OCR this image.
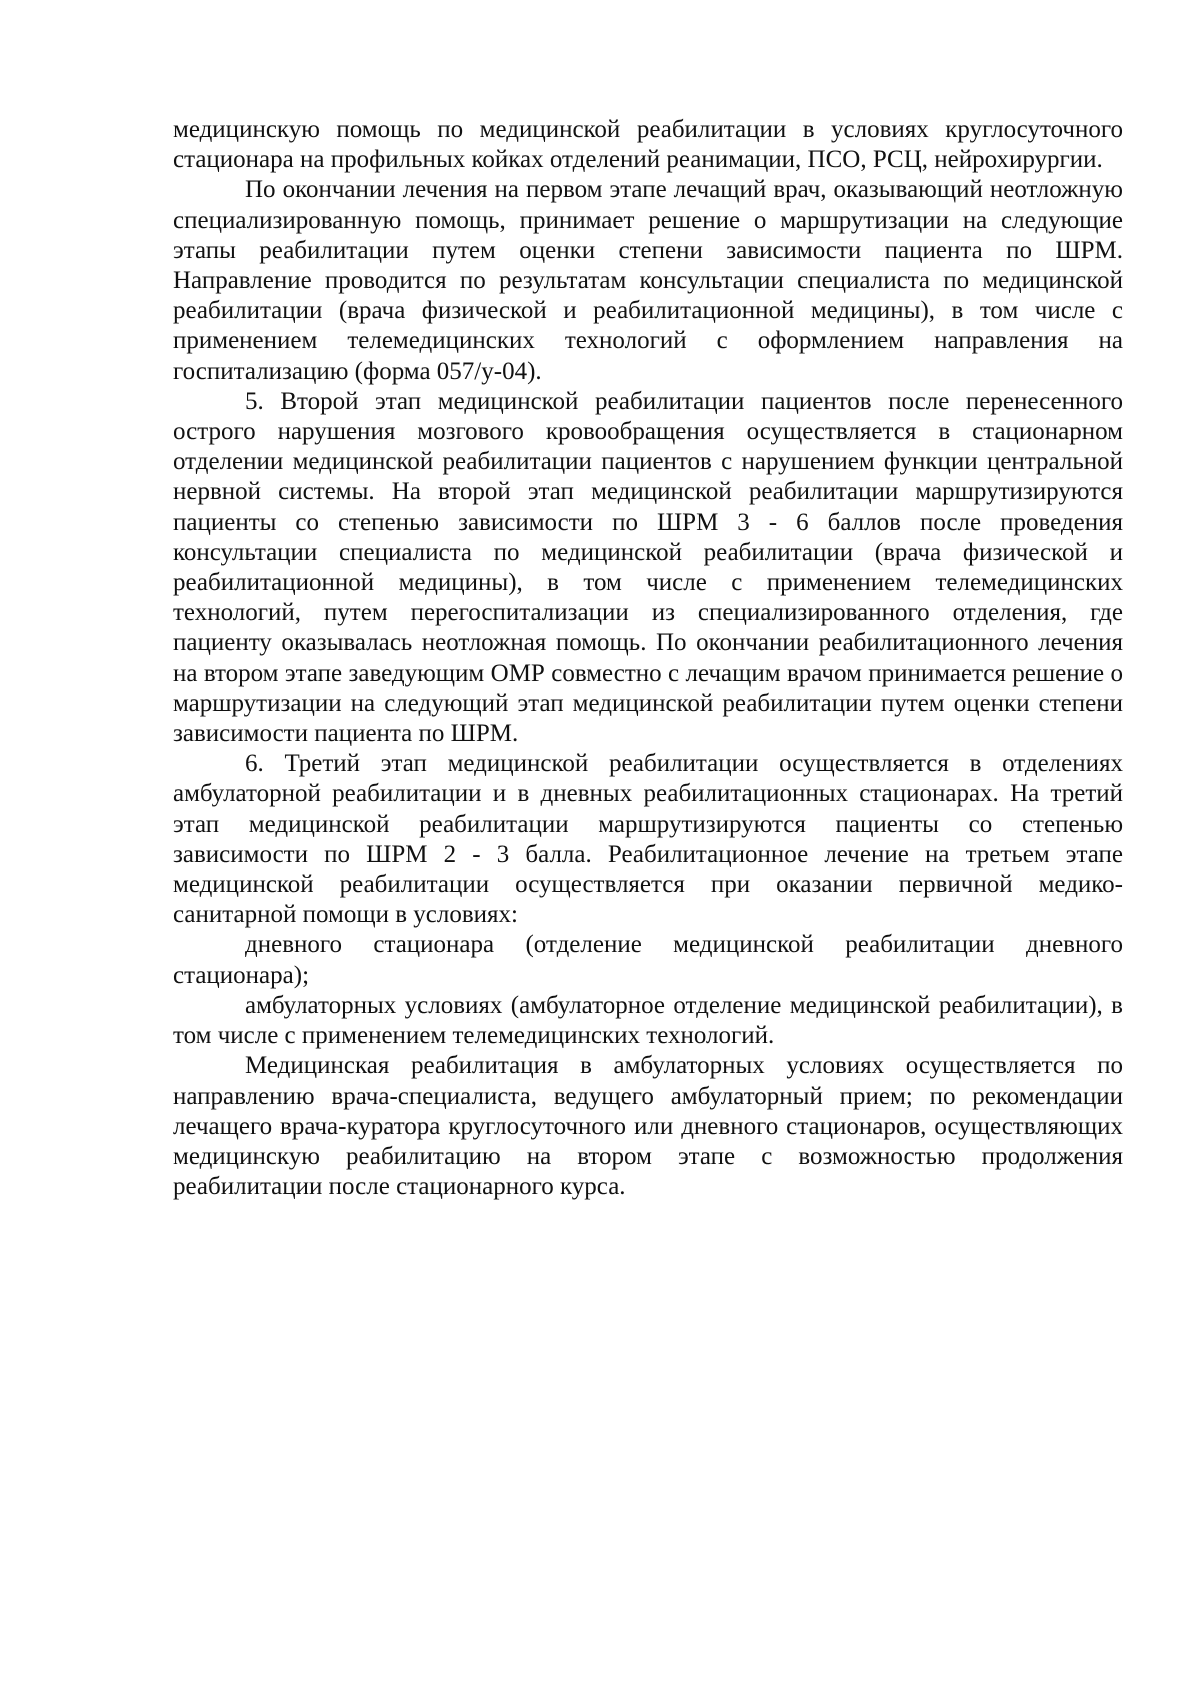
медицинскую помощь по медицинской реабилитации в условиях круглосуточного стационара на профильных койках отделений реанимации, ПСО, РСЦ, нейрохирургии.

По окончании лечения на первом этапе лечащий врач, оказывающий неотложную специализированную помощь, принимает решение о маршрутизации на следующие этапы реабилитации путем оценки степени зависимости пациента по ШРМ. Направление проводится по результатам консультации специалиста по медицинской реабилитации (врача физической и реабилитационной медицины), в том числе с применением телемедицинских технологий с оформлением направления на госпитализацию (форма 057/у-04).

5. Второй этап медицинской реабилитации пациентов после перенесенного острого нарушения мозгового кровообращения осуществляется в стационарном отделении медицинской реабилитации пациентов с нарушением функции центральной нервной системы. На второй этап медицинской реабилитации маршрутизируются пациенты со степенью зависимости по ШРМ 3 - 6 баллов после проведения консультации специалиста по медицинской реабилитации (врача физической и реабилитационной медицины), в том числе с применением телемедицинских технологий, путем перегоспитализации из специализированного отделения, где пациенту оказывалась неотложная помощь. По окончании реабилитационного лечения на втором этапе заведующим ОМР совместно с лечащим врачом принимается решение о маршрутизации на следующий этап медицинской реабилитации путем оценки степени зависимости пациента по ШРМ.

6. Третий этап медицинской реабилитации осуществляется в отделениях амбулаторной реабилитации и в дневных реабилитационных стационарах. На третий этап медицинской реабилитации маршрутизируются пациенты со степенью зависимости по ШРМ 2 - 3 балла. Реабилитационное лечение на третьем этапе медицинской реабилитации осуществляется при оказании первичной медико-санитарной помощи в условиях:

дневного стационара (отделение медицинской реабилитации дневного стационара);

амбулаторных условиях (амбулаторное отделение медицинской реабилитации), в том числе с применением телемедицинских технологий.

Медицинская реабилитация в амбулаторных условиях осуществляется по направлению врача-специалиста, ведущего амбулаторный прием; по рекомендации лечащего врача-куратора круглосуточного или дневного стационаров, осуществляющих медицинскую реабилитацию на втором этапе с возможностью продолжения реабилитации после стационарного курса.
